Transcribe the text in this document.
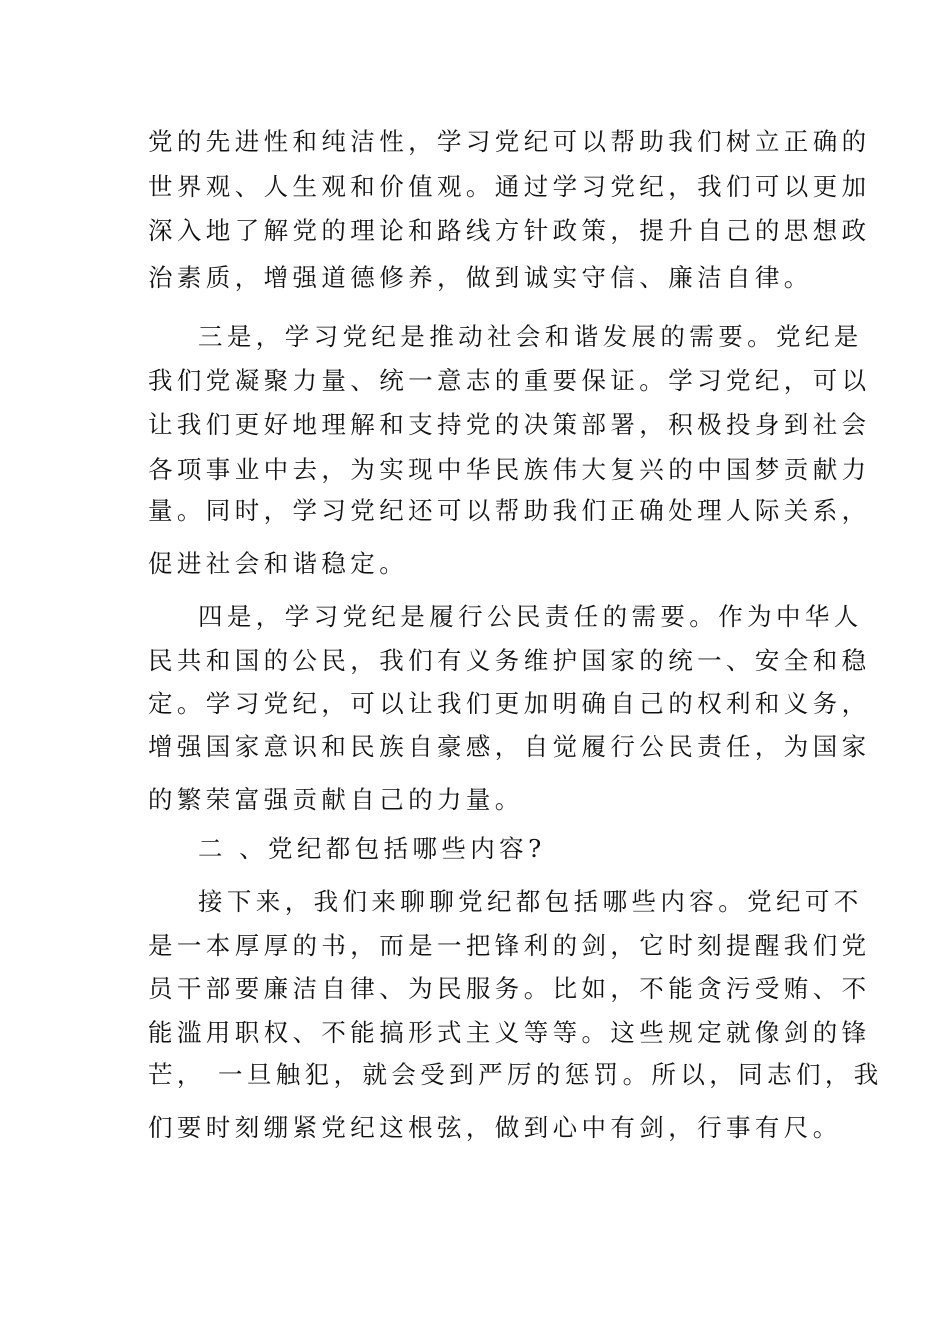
党的先进性和纯洁性，学习党纪可以帮助我们树立正确的
世界观、人生观和价值观。通过学习党纪，我们可以更加
深入地了解党的理论和路线方针政策，提升自己的思想政
治素质，增强道德修养，做到诚实守信、廉洁自律。
三是，学习党纪是推动社会和谐发展的需要。党纪是
我们党凝聚力量、统一意志的重要保证。学习党纪，可以
让我们更好地理解和支持党的决策部署，积极投身到社会
各项事业中去，为实现中华民族伟大复兴的中国梦贡献力
量。同时，学习党纪还可以帮助我们正确处理人际关系，
促进社会和谐稳定。
四是，学习党纪是履行公民责任的需要。作为中华人
民共和国的公民，我们有义务维护国家的统一、安全和稳
定。学习党纪，可以让我们更加明确自己的权利和义务，
增强国家意识和民族自豪感，自觉履行公民责任，为国家
的繁荣富强贡献自己的力量。
二 、党纪都包括哪些内容?
接下来，我们来聊聊党纪都包括哪些内容。党纪可不
是一本厚厚的书，而是一把锋利的剑，它时刻提醒我们党
员干部要廉洁自律、为民服务。比如，不能贪污受贿、不
能滥用职权、不能搞形式主义等等。这些规定就像剑的锋
芒， 一旦触犯，就会受到严厉的惩罚。所以，同志们，我
们要时刻绷紧党纪这根弦，做到心中有剑，行事有尺。
